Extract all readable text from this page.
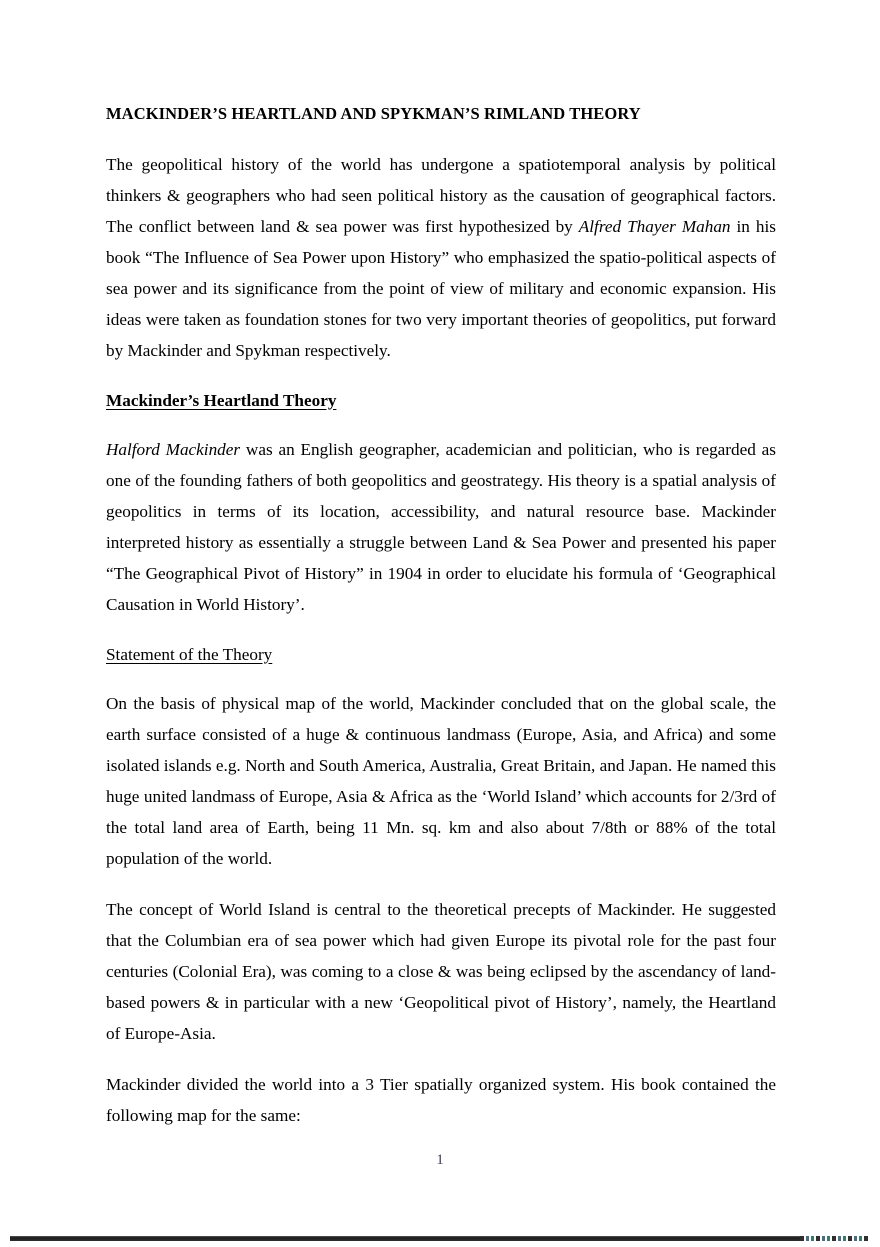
MACKINDER’S HEARTLAND AND SPYKMAN’S RIMLAND THEORY

The geopolitical history of the world has undergone a spatiotemporal analysis by political thinkers & geographers who had seen political history as the causation of geographical factors. The conflict between land & sea power was first hypothesized by Alfred Thayer Mahan in his book “The Influence of Sea Power upon History” who emphasized the spatio-political aspects of sea power and its significance from the point of view of military and economic expansion. His ideas were taken as foundation stones for two very important theories of geopolitics, put forward by Mackinder and Spykman respectively.

Mackinder’s Heartland Theory

Halford Mackinder was an English geographer, academician and politician, who is regarded as one of the founding fathers of both geopolitics and geostrategy. His theory is a spatial analysis of geopolitics in terms of its location, accessibility, and natural resource base. Mackinder interpreted history as essentially a struggle between Land & Sea Power and presented his paper “The Geographical Pivot of History” in 1904 in order to elucidate his formula of ‘Geographical Causation in World History’.

Statement of the Theory

On the basis of physical map of the world, Mackinder concluded that on the global scale, the earth surface consisted of a huge & continuous landmass (Europe, Asia, and Africa) and some isolated islands e.g. North and South America, Australia, Great Britain, and Japan. He named this huge united landmass of Europe, Asia & Africa as the ‘World Island’ which accounts for 2/3rd of the total land area of Earth, being 11 Mn. sq. km and also about 7/8th or 88% of the total population of the world.

The concept of World Island is central to the theoretical precepts of Mackinder. He suggested that the Columbian era of sea power which had given Europe its pivotal role for the past four centuries (Colonial Era), was coming to a close & was being eclipsed by the ascendancy of land-based powers & in particular with a new ‘Geopolitical pivot of History’, namely, the Heartland of Europe-Asia.

Mackinder divided the world into a 3 Tier spatially organized system. His book contained the following map for the same:

1
